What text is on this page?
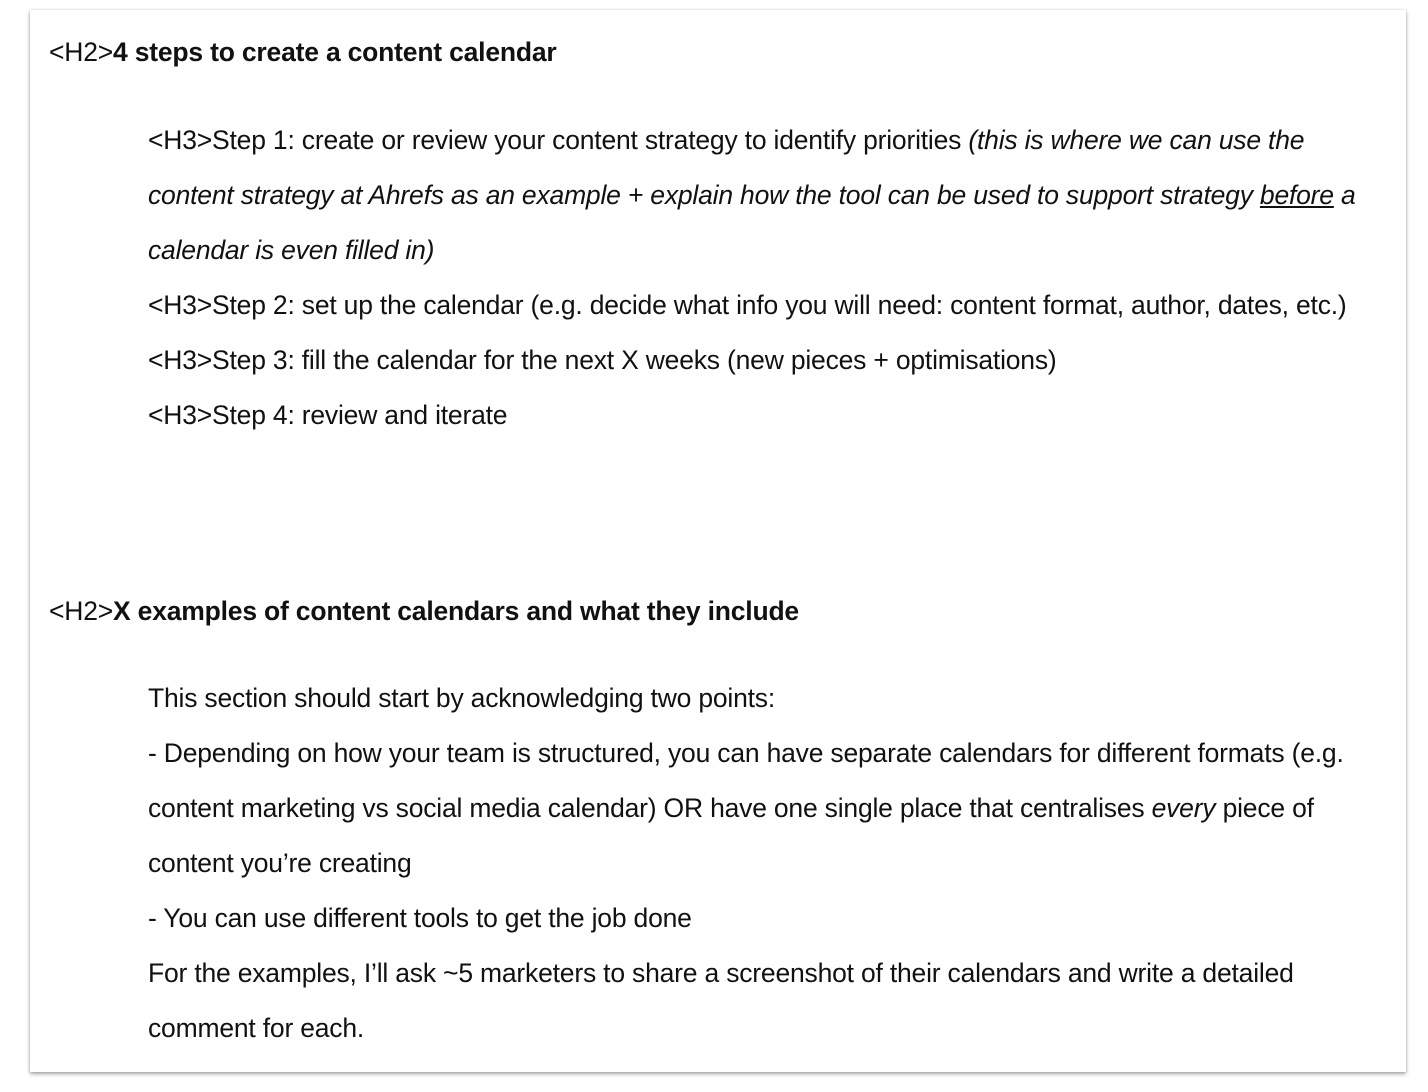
<H2>4 steps to create a content calendar
<H3>Step 1: create or review your content strategy to identify priorities (this is where we can use the content strategy at Ahrefs as an example + explain how the tool can be used to support strategy before a calendar is even filled in)
<H3>Step 2: set up the calendar (e.g. decide what info you will need: content format, author, dates, etc.)
<H3>Step 3: fill the calendar for the next X weeks (new pieces + optimisations)
<H3>Step 4: review and iterate
<H2>X examples of content calendars and what they include
This section should start by acknowledging two points:
- Depending on how your team is structured, you can have separate calendars for different formats (e.g. content marketing vs social media calendar) OR have one single place that centralises every piece of content you’re creating
- You can use different tools to get the job done
For the examples, I’ll ask ~5 marketers to share a screenshot of their calendars and write a detailed comment for each.
